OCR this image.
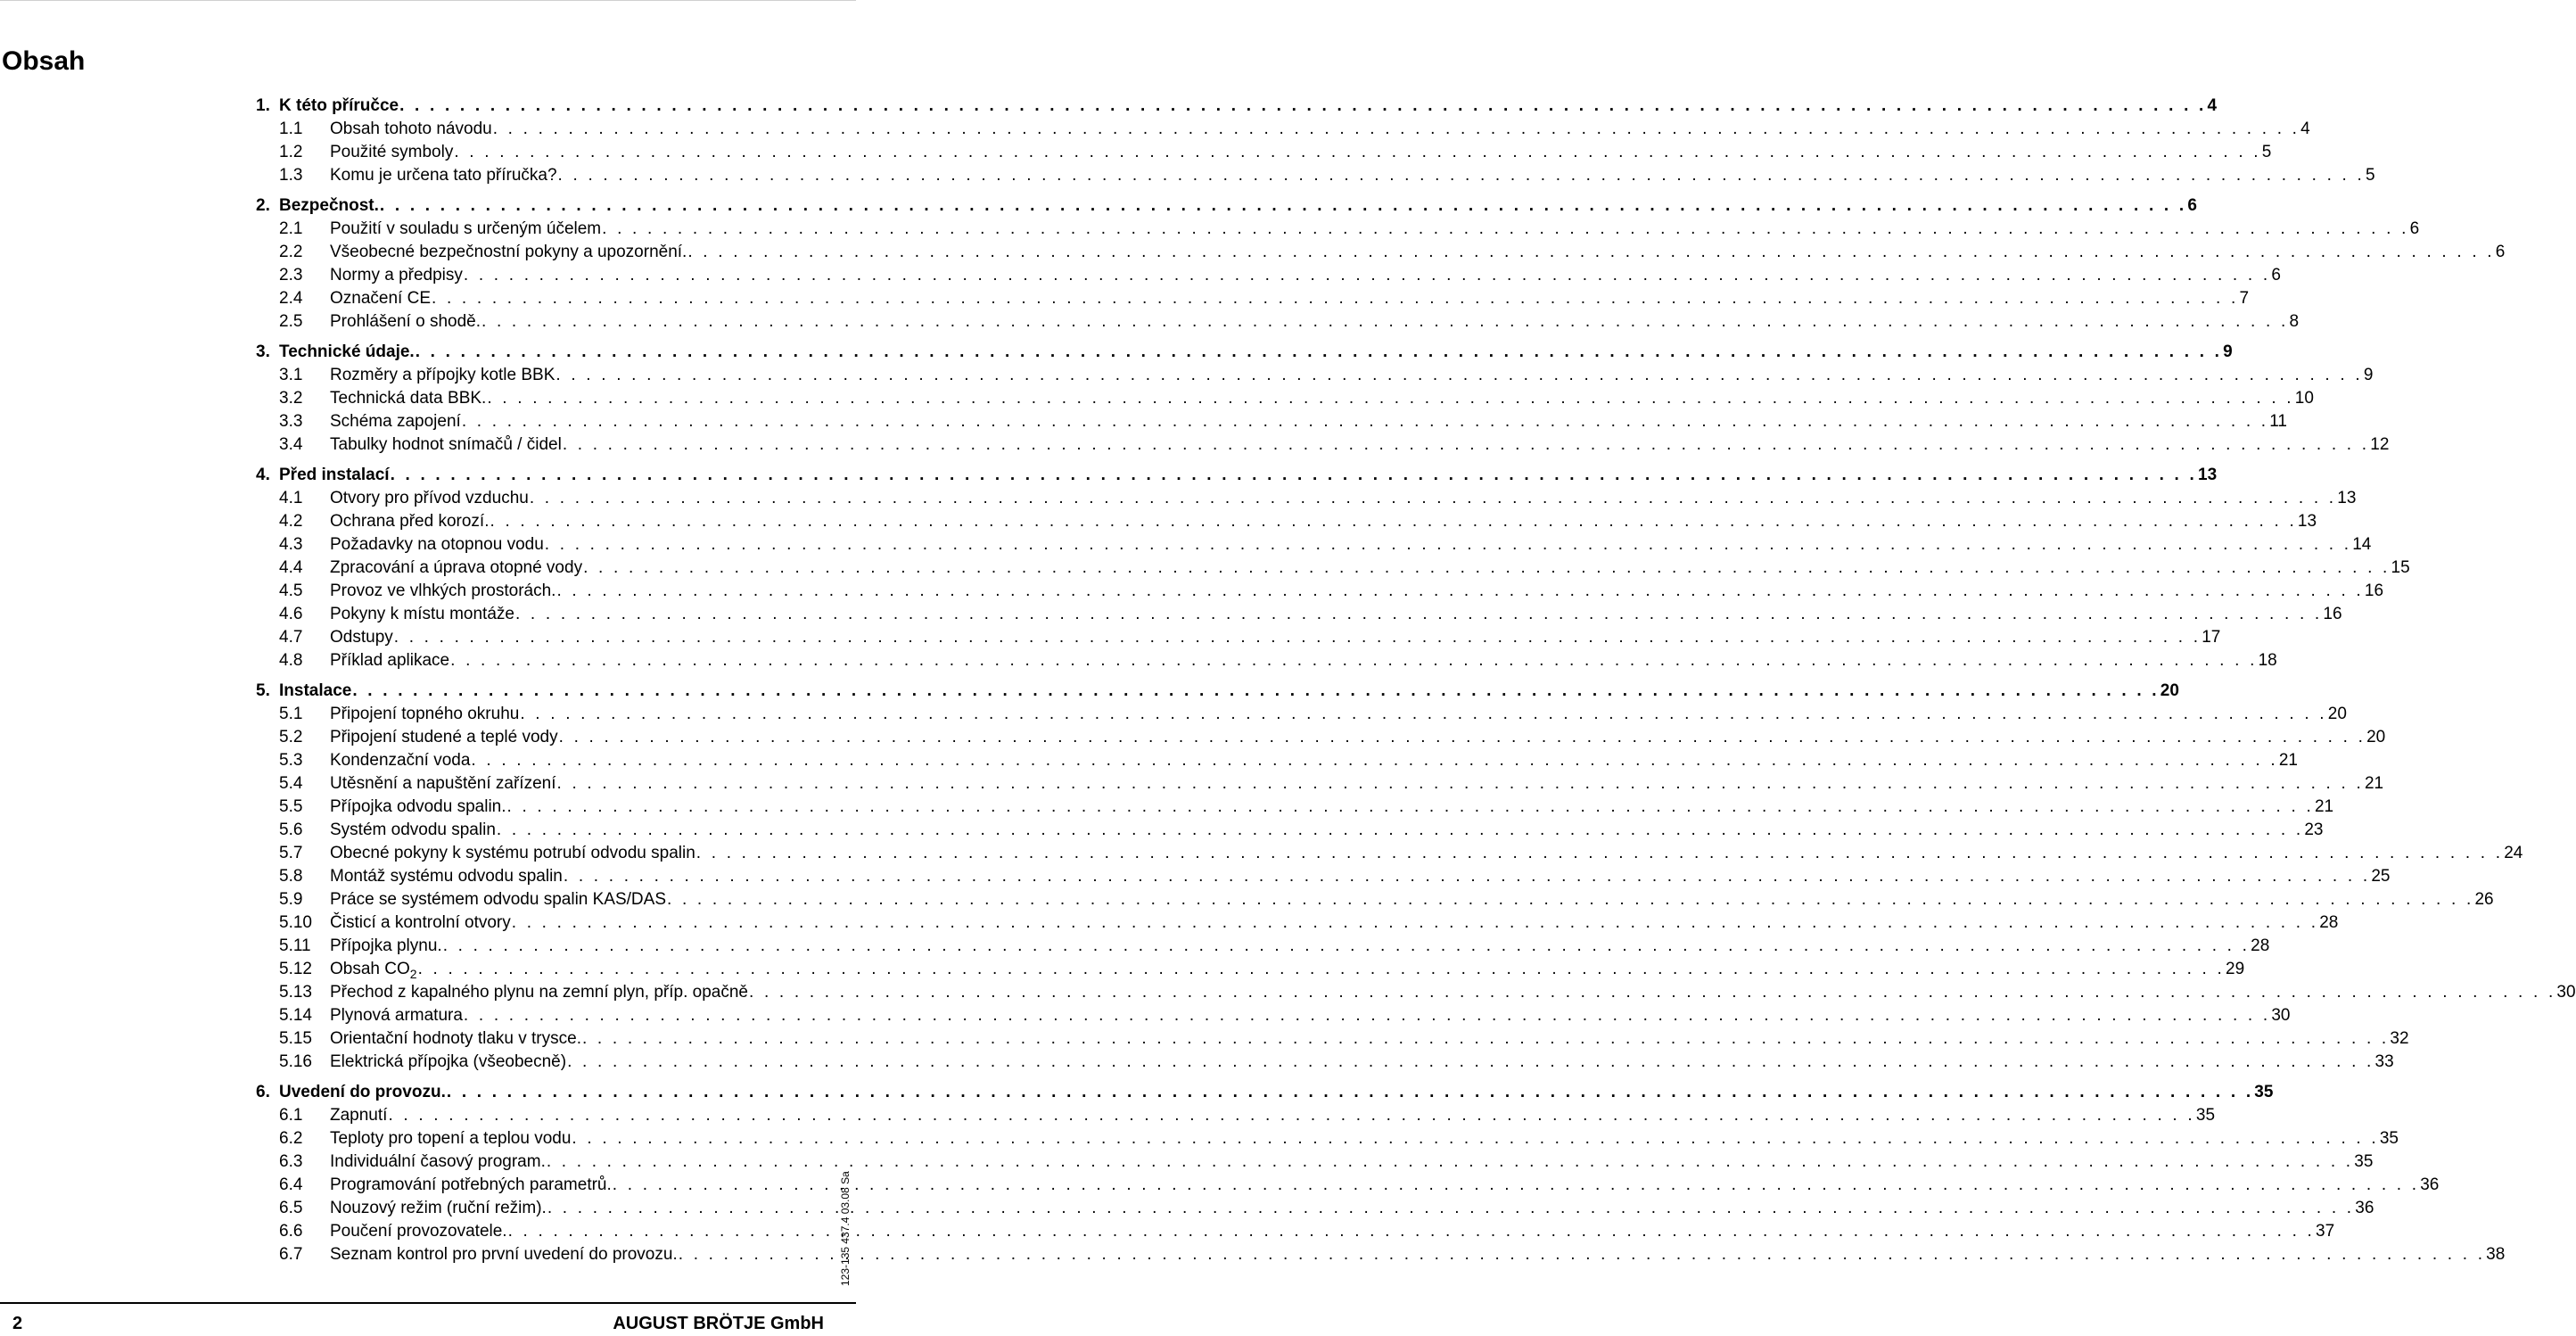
Obsah
1. K této příručce . . . . . . . . . . . . . . . . . . . . . . . . . . . . . . . . . . . . . . . . . . . . . . . . . . . . . . . . . . . . . . . . . . . . . . . . . . . . . . . . . . . . . . . . . . . . . . . . . . . . . . . . . . . . . . . . . . . . . . . . 4
1.1 Obsah tohoto návodu . . . . . . . . . . . . . . . . . . . . . . . . . . . . . . . . . . . . . . . . . . . . . . . . . . . . . . . . . . . . . . . . . . . . . . . . . . . . . . . . . . . . . . . . . . . . . . . . . . . . . . . . . . . . . . . . . . . . . . . . 4
1.2 Použité symboly . . . . . . . . . . . . . . . . . . . . . . . . . . . . . . . . . . . . . . . . . . . . . . . . . . . . . . . . . . . . . . . . . . . . . . . . . . . . . . . . . . . . . . . . . . . . . . . . . . . . . . . . . . . . . . . . . . . . . . . . 5
1.3 Komu je určena tato příručka? . . . . . . . . . . . . . . . . . . . . . . . . . . . . . . . . . . . . . . . . . . . . . . . . . . . . . . . . . . . . . . . . . . . . . . . . . . . . . . . . . . . . . . . . . . . . . . . . . . . . . . . . . . . . . . . . . . . . . . . . 5
2. Bezpečnost. . . . . . . . . . . . . . . . . . . . . . . . . . . . . . . . . . . . . . . . . . . . . . . . . . . . . . . . . . . . . . . . . . . . . . . . . . . . . . . . . . . . . . . . . . . . . . . . . . . . . . . . . . . . . . . . . . . . . . . . . 6
2.1 Použití v souladu s určeným účelem . . . . . . . . . . . . . . . . . . . . . . . . . . . . . . . . . . . . . . . . . . . . . . . . . . . . . . . . . . . . . . . . . . . . . . . . . . . . . . . . . . . . . . . . . . . . . . . . . . . . . . . . . . . . . . . . . . . . . . . . 6
2.2 Všeobecné bezpečnostní pokyny a upozornění. . . . . . . . . . . . . . . . . . . . . . . . . . . . . . . . . . . . . . . . . . . . . . . . . . . . . . . . . . . . . . . . . . . . . . . . . . . . . . . . . . . . . . . . . . . . . . . . . . . . . . . . . . . . . . . . . . . . . . . . . 6
2.3 Normy a předpisy . . . . . . . . . . . . . . . . . . . . . . . . . . . . . . . . . . . . . . . . . . . . . . . . . . . . . . . . . . . . . . . . . . . . . . . . . . . . . . . . . . . . . . . . . . . . . . . . . . . . . . . . . . . . . . . . . . . . . . . . 6
2.4 Označení CE . . . . . . . . . . . . . . . . . . . . . . . . . . . . . . . . . . . . . . . . . . . . . . . . . . . . . . . . . . . . . . . . . . . . . . . . . . . . . . . . . . . . . . . . . . . . . . . . . . . . . . . . . . . . . . . . . . . . . . . . 7
2.5 Prohlášení o shodě. . . . . . . . . . . . . . . . . . . . . . . . . . . . . . . . . . . . . . . . . . . . . . . . . . . . . . . . . . . . . . . . . . . . . . . . . . . . . . . . . . . . . . . . . . . . . . . . . . . . . . . . . . . . . . . . . . . . . . . . . 8
3. Technické údaje. . . . . . . . . . . . . . . . . . . . . . . . . . . . . . . . . . . . . . . . . . . . . . . . . . . . . . . . . . . . . . . . . . . . . . . . . . . . . . . . . . . . . . . . . . . . . . . . . . . . . . . . . . . . . . . . . . . . . . . . . 9
3.1 Rozměry a přípojky kotle BBK . . . . . . . . . . . . . . . . . . . . . . . . . . . . . . . . . . . . . . . . . . . . . . . . . . . . . . . . . . . . . . . . . . . . . . . . . . . . . . . . . . . . . . . . . . . . . . . . . . . . . . . . . . . . . . . . . . . . . . . . 9
3.2 Technická data BBK. . . . . . . . . . . . . . . . . . . . . . . . . . . . . . . . . . . . . . . . . . . . . . . . . . . . . . . . . . . . . . . . . . . . . . . . . . . . . . . . . . . . . . . . . . . . . . . . . . . . . . . . . . . . . . . . . . . . . . . . . 10
3.3 Schéma zapojení . . . . . . . . . . . . . . . . . . . . . . . . . . . . . . . . . . . . . . . . . . . . . . . . . . . . . . . . . . . . . . . . . . . . . . . . . . . . . . . . . . . . . . . . . . . . . . . . . . . . . . . . . . . . . . . . . . . . . . . . 11
3.4 Tabulky hodnot snímačů / čidel . . . . . . . . . . . . . . . . . . . . . . . . . . . . . . . . . . . . . . . . . . . . . . . . . . . . . . . . . . . . . . . . . . . . . . . . . . . . . . . . . . . . . . . . . . . . . . . . . . . . . . . . . . . . . . . . . . . . . . . . 12
4. Před instalací . . . . . . . . . . . . . . . . . . . . . . . . . . . . . . . . . . . . . . . . . . . . . . . . . . . . . . . . . . . . . . . . . . . . . . . . . . . . . . . . . . . . . . . . . . . . . . . . . . . . . . . . . . . . . . . . . . . . . . . . 13
4.1 Otvory pro přívod vzduchu . . . . . . . . . . . . . . . . . . . . . . . . . . . . . . . . . . . . . . . . . . . . . . . . . . . . . . . . . . . . . . . . . . . . . . . . . . . . . . . . . . . . . . . . . . . . . . . . . . . . . . . . . . . . . . . . . . . . . . . . 13
4.2 Ochrana před korozí. . . . . . . . . . . . . . . . . . . . . . . . . . . . . . . . . . . . . . . . . . . . . . . . . . . . . . . . . . . . . . . . . . . . . . . . . . . . . . . . . . . . . . . . . . . . . . . . . . . . . . . . . . . . . . . . . . . . . . . . . 13
4.3 Požadavky na otopnou vodu . . . . . . . . . . . . . . . . . . . . . . . . . . . . . . . . . . . . . . . . . . . . . . . . . . . . . . . . . . . . . . . . . . . . . . . . . . . . . . . . . . . . . . . . . . . . . . . . . . . . . . . . . . . . . . . . . . . . . . . . 14
4.4 Zpracování a úprava otopné vody . . . . . . . . . . . . . . . . . . . . . . . . . . . . . . . . . . . . . . . . . . . . . . . . . . . . . . . . . . . . . . . . . . . . . . . . . . . . . . . . . . . . . . . . . . . . . . . . . . . . . . . . . . . . . . . . . . . . . . . . 15
4.5 Provoz ve vlhkých prostorách. . . . . . . . . . . . . . . . . . . . . . . . . . . . . . . . . . . . . . . . . . . . . . . . . . . . . . . . . . . . . . . . . . . . . . . . . . . . . . . . . . . . . . . . . . . . . . . . . . . . . . . . . . . . . . . . . . . . . . . . . 16
4.6 Pokyny k místu montáže . . . . . . . . . . . . . . . . . . . . . . . . . . . . . . . . . . . . . . . . . . . . . . . . . . . . . . . . . . . . . . . . . . . . . . . . . . . . . . . . . . . . . . . . . . . . . . . . . . . . . . . . . . . . . . . . . . . . . . . . 16
4.7 Odstupy . . . . . . . . . . . . . . . . . . . . . . . . . . . . . . . . . . . . . . . . . . . . . . . . . . . . . . . . . . . . . . . . . . . . . . . . . . . . . . . . . . . . . . . . . . . . . . . . . . . . . . . . . . . . . . . . . . . . . . . . 17
4.8 Příklad aplikace . . . . . . . . . . . . . . . . . . . . . . . . . . . . . . . . . . . . . . . . . . . . . . . . . . . . . . . . . . . . . . . . . . . . . . . . . . . . . . . . . . . . . . . . . . . . . . . . . . . . . . . . . . . . . . . . . . . . . . . . 18
5. Instalace . . . . . . . . . . . . . . . . . . . . . . . . . . . . . . . . . . . . . . . . . . . . . . . . . . . . . . . . . . . . . . . . . . . . . . . . . . . . . . . . . . . . . . . . . . . . . . . . . . . . . . . . . . . . . . . . . . . . . . . . 20
5.1 Připojení topného okruhu . . . . . . . . . . . . . . . . . . . . . . . . . . . . . . . . . . . . . . . . . . . . . . . . . . . . . . . . . . . . . . . . . . . . . . . . . . . . . . . . . . . . . . . . . . . . . . . . . . . . . . . . . . . . . . . . . . . . . . . . 20
5.2 Připojení studené a teplé vody . . . . . . . . . . . . . . . . . . . . . . . . . . . . . . . . . . . . . . . . . . . . . . . . . . . . . . . . . . . . . . . . . . . . . . . . . . . . . . . . . . . . . . . . . . . . . . . . . . . . . . . . . . . . . . . . . . . . . . . . 20
5.3 Kondenzační voda . . . . . . . . . . . . . . . . . . . . . . . . . . . . . . . . . . . . . . . . . . . . . . . . . . . . . . . . . . . . . . . . . . . . . . . . . . . . . . . . . . . . . . . . . . . . . . . . . . . . . . . . . . . . . . . . . . . . . . . . 21
5.4 Utěsnění a napuštění zařízení . . . . . . . . . . . . . . . . . . . . . . . . . . . . . . . . . . . . . . . . . . . . . . . . . . . . . . . . . . . . . . . . . . . . . . . . . . . . . . . . . . . . . . . . . . . . . . . . . . . . . . . . . . . . . . . . . . . . . . . . 21
5.5 Přípojka odvodu spalin. . . . . . . . . . . . . . . . . . . . . . . . . . . . . . . . . . . . . . . . . . . . . . . . . . . . . . . . . . . . . . . . . . . . . . . . . . . . . . . . . . . . . . . . . . . . . . . . . . . . . . . . . . . . . . . . . . . . . . . . . 21
5.6 Systém odvodu spalin . . . . . . . . . . . . . . . . . . . . . . . . . . . . . . . . . . . . . . . . . . . . . . . . . . . . . . . . . . . . . . . . . . . . . . . . . . . . . . . . . . . . . . . . . . . . . . . . . . . . . . . . . . . . . . . . . . . . . . . . 23
5.7 Obecné pokyny k systému potrubí odvodu spalin . . . . . . . . . . . . . . . . . . . . . . . . . . . . . . . . . . . . . . . . . . . . . . . . . . . . . . . . . . . . . . . . . . . . . . . . . . . . . . . . . . . . . . . . . . . . . . . . . . . . . . . . . . . . . . . . . . . . . . . . 24
5.8 Montáž systému odvodu spalin . . . . . . . . . . . . . . . . . . . . . . . . . . . . . . . . . . . . . . . . . . . . . . . . . . . . . . . . . . . . . . . . . . . . . . . . . . . . . . . . . . . . . . . . . . . . . . . . . . . . . . . . . . . . . . . . . . . . . . . . 25
5.9 Práce se systémem odvodu spalin KAS/DAS . . . . . . . . . . . . . . . . . . . . . . . . . . . . . . . . . . . . . . . . . . . . . . . . . . . . . . . . . . . . . . . . . . . . . . . . . . . . . . . . . . . . . . . . . . . . . . . . . . . . . . . . . . . . . . . . . . . . . . . . 26
5.10 Čisticí a kontrolní otvory . . . . . . . . . . . . . . . . . . . . . . . . . . . . . . . . . . . . . . . . . . . . . . . . . . . . . . . . . . . . . . . . . . . . . . . . . . . . . . . . . . . . . . . . . . . . . . . . . . . . . . . . . . . . . . . . . . . . . . . . 28
5.11 Přípojka plynu. . . . . . . . . . . . . . . . . . . . . . . . . . . . . . . . . . . . . . . . . . . . . . . . . . . . . . . . . . . . . . . . . . . . . . . . . . . . . . . . . . . . . . . . . . . . . . . . . . . . . . . . . . . . . . . . . . . . . . . . . 28
5.12 Obsah $CO_2$ . . . . . . . . . . . . . . . . . . . . . . . . . . . . . . . . . . . . . . . . . . . . . . . . . . . . . . . . . . . . . . . . . . . . . . . . . . . . . . . . . . . . . . . . . . . . . . . . . . . . . . . . . . . . . . . . . . . . . . . . 29
5.13 Přechod z kapalného plynu na zemní plyn, příp. opačně . . . . . . . . . . . . . . . . . . . . . . . . . . . . . . . . . . . . . . . . . . . . . . . . . . . . . . . . . . . . . . . . . . . . . . . . . . . . . . . . . . . . . . . . . . . . . . . . . . . . . . . . . . . . . . . . . . . . . . . . 30
5.14 Plynová armatura . . . . . . . . . . . . . . . . . . . . . . . . . . . . . . . . . . . . . . . . . . . . . . . . . . . . . . . . . . . . . . . . . . . . . . . . . . . . . . . . . . . . . . . . . . . . . . . . . . . . . . . . . . . . . . . . . . . . . . . . 30
5.15 Orientační hodnoty tlaku v trysce. . . . . . . . . . . . . . . . . . . . . . . . . . . . . . . . . . . . . . . . . . . . . . . . . . . . . . . . . . . . . . . . . . . . . . . . . . . . . . . . . . . . . . . . . . . . . . . . . . . . . . . . . . . . . . . . . . . . . . . . . 32
5.16 Elektrická přípojka (všeobecně) . . . . . . . . . . . . . . . . . . . . . . . . . . . . . . . . . . . . . . . . . . . . . . . . . . . . . . . . . . . . . . . . . . . . . . . . . . . . . . . . . . . . . . . . . . . . . . . . . . . . . . . . . . . . . . . . . . . . . . . . 33
6. Uvedení do provozu. . . . . . . . . . . . . . . . . . . . . . . . . . . . . . . . . . . . . . . . . . . . . . . . . . . . . . . . . . . . . . . . . . . . . . . . . . . . . . . . . . . . . . . . . . . . . . . . . . . . . . . . . . . . . . . . . . . . . . . . . 35
6.1 Zapnutí . . . . . . . . . . . . . . . . . . . . . . . . . . . . . . . . . . . . . . . . . . . . . . . . . . . . . . . . . . . . . . . . . . . . . . . . . . . . . . . . . . . . . . . . . . . . . . . . . . . . . . . . . . . . . . . . . . . . . . . . 35
6.2 Teploty pro topení a teplou vodu . . . . . . . . . . . . . . . . . . . . . . . . . . . . . . . . . . . . . . . . . . . . . . . . . . . . . . . . . . . . . . . . . . . . . . . . . . . . . . . . . . . . . . . . . . . . . . . . . . . . . . . . . . . . . . . . . . . . . . . . 35
6.3 Individuální časový program. . . . . . . . . . . . . . . . . . . . . . . . . . . . . . . . . . . . . . . . . . . . . . . . . . . . . . . . . . . . . . . . . . . . . . . . . . . . . . . . . . . . . . . . . . . . . . . . . . . . . . . . . . . . . . . . . . . . . . . . . 35
6.4 Programování potřebných parametrů. . . . . . . . . . . . . . . . . . . . . . . . . . . . . . . . . . . . . . . . . . . . . . . . . . . . . . . . . . . . . . . . . . . . . . . . . . . . . . . . . . . . . . . . . . . . . . . . . . . . . . . . . . . . . . . . . . . . . . . . . 36
6.5 Nouzový režim (ruční režim). . . . . . . . . . . . . . . . . . . . . . . . . . . . . . . . . . . . . . . . . . . . . . . . . . . . . . . . . . . . . . . . . . . . . . . . . . . . . . . . . . . . . . . . . . . . . . . . . . . . . . . . . . . . . . . . . . . . . . . . . 36
6.6 Poučení provozovatele. . . . . . . . . . . . . . . . . . . . . . . . . . . . . . . . . . . . . . . . . . . . . . . . . . . . . . . . . . . . . . . . . . . . . . . . . . . . . . . . . . . . . . . . . . . . . . . . . . . . . . . . . . . . . . . . . . . . . . . . . 37
6.7 Seznam kontrol pro první uvedení do provozu. . . . . . . . . . . . . . . . . . . . . . . . . . . . . . . . . . . . . . . . . . . . . . . . . . . . . . . . . . . . . . . . . . . . . . . . . . . . . . . . . . . . . . . . . . . . . . . . . . . . . . . . . . . . . . . . . . . . . . . . . 38
123-135 437.4 03.08 Sa
2	AUGUST BRÖTJE GmbH
